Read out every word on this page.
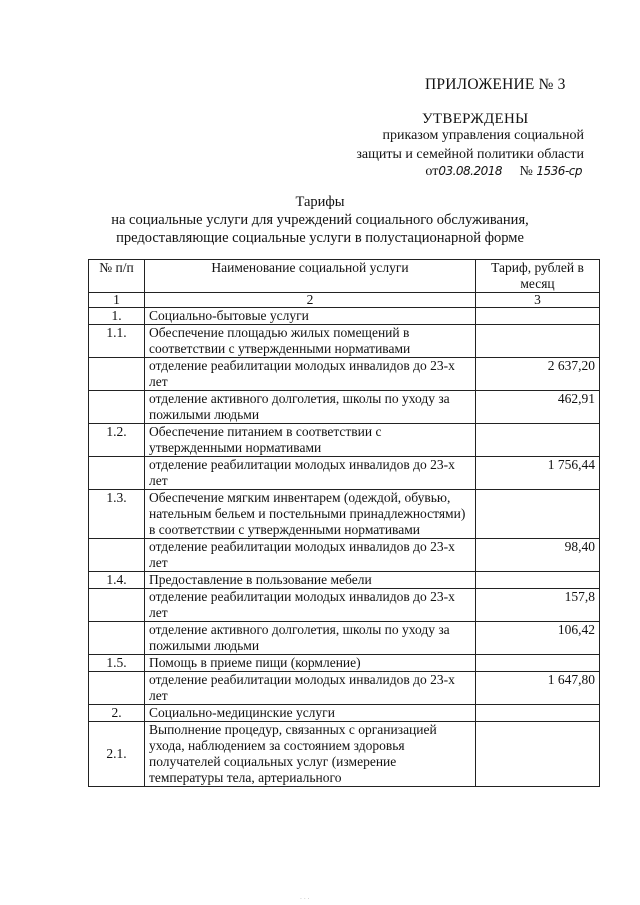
ПРИЛОЖЕНИЕ № 3
УТВЕРЖДЕНЫ
приказом управления социальной
защиты и семейной политики области
от03.08.2018 № 1536-ср
Тарифы
на социальные услуги для учреждений социального обслуживания,
предоставляющие социальные услуги в полустационарной форме
№ п/п	Наименование социальной услуги	Тариф, рублей в месяц
1	2	3
1.	Социально-бытовые услуги	
1.1.	Обеспечение площадью жилых помещений в соответствии с утвержденными нормативами	
	отделение реабилитации молодых инвалидов до 23-х лет	2 637,20
	отделение активного долголетия, школы по уходу за пожилыми людьми	462,91
1.2.	Обеспечение питанием в соответствии с утвержденными нормативами	
	отделение реабилитации молодых инвалидов до 23-х лет	1 756,44
1.3.	Обеспечение мягким инвентарем (одеждой, обувью, нательным бельем и постельными принадлежностями) в соответствии с утвержденными нормативами	
	отделение реабилитации молодых инвалидов до 23-х лет	98,40
1.4.	Предоставление в пользование мебели	
	отделение реабилитации молодых инвалидов до 23-х лет	157,8
	отделение активного долголетия, школы по уходу за пожилыми людьми	106,42
1.5.	Помощь в приеме пищи (кормление)	
	отделение реабилитации молодых инвалидов до 23-х лет	1 647,80
2.	Социально-медицинские услуги	
2.1.	Выполнение процедур, связанных с организацией ухода, наблюдением за состоянием здоровья получателей социальных услуг (измерение температуры тела, артериального	
· · ·
